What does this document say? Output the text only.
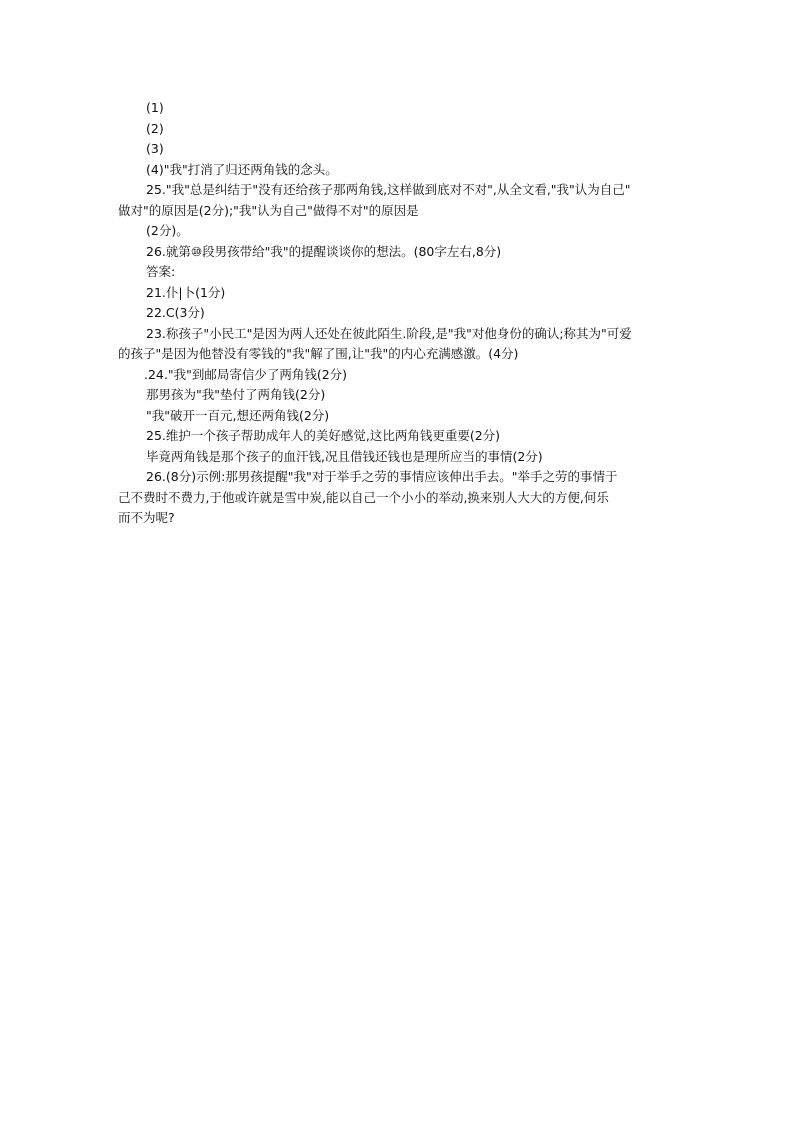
(1)

(2)

(3)

(4)"我"打消了归还两角钱的念头。

25."我"总是纠结于"没有还给孩子那两角钱,这样做到底对不对",从全文看,"我"认为自己"

做对"的原因是(2分);"我"认为自己"做得不对"的原因是

(2分)。

26.就第⑩段男孩带给"我"的提醒谈谈你的想法。(80字左右,8分)

答案:

21.仆|卜(1分)

22.C(3分)

23.称孩子"小民工"是因为两人还处在彼此陌生.阶段,是"我"对他身份的确认;称其为"可爱

的孩子"是因为他替没有零钱的"我"解了围,让"我"的内心充满感激。(4分)

.24."我"到邮局寄信少了两角钱(2分)

那男孩为"我"垫付了两角钱(2分)

"我"破开一百元,想还两角钱(2分)

25.维护一个孩子帮助成年人的美好感觉,这比两角钱更重要(2分)

毕竟两角钱是那个孩子的血汗钱,况且借钱还钱也是理所应当的事情(2分)

26.(8分)示例:那男孩提醒"我"对于举手之劳的事情应该伸出手去。"举手之劳的事情于

己不费时不费力,于他或许就是雪中炭,能以自己一个小小的举动,换来别人大大的方便,何乐

而不为呢?
